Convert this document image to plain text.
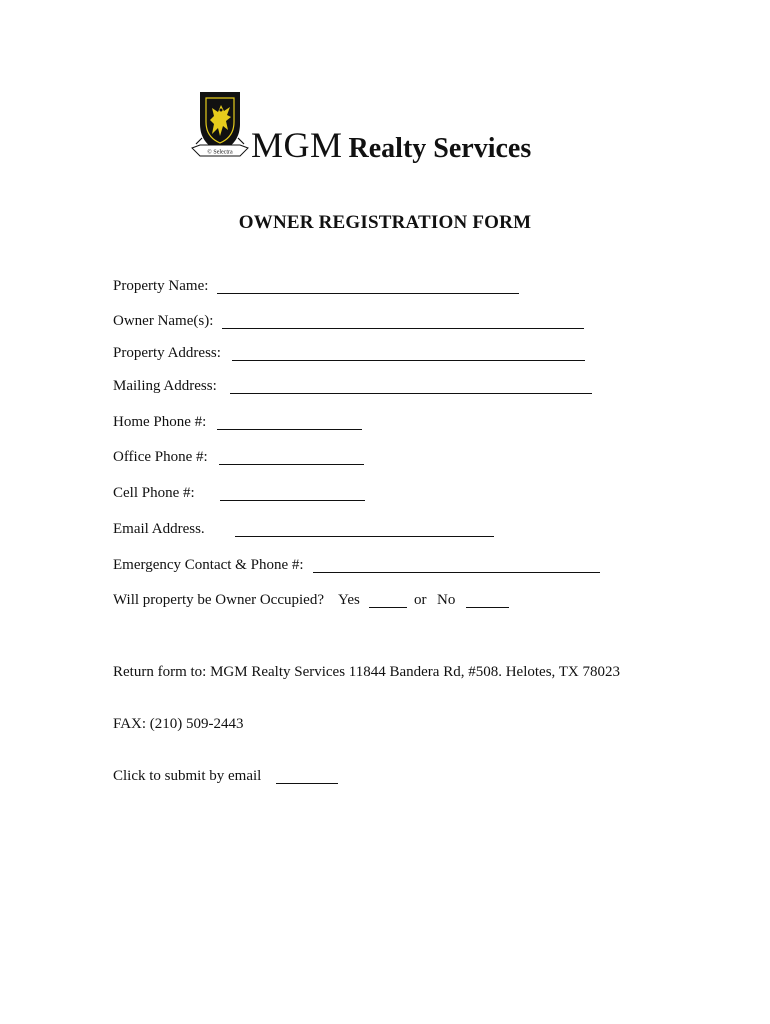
© Selectra MGM Realty Services
OWNER REGISTRATION FORM
Property Name:
Owner Name(s):
Property Address:
Mailing Address:
Home Phone #:
Office Phone #:
Cell Phone #:
Email Address.
Emergency Contact & Phone #:
Will property be Owner Occupied? Yes	or No
Return form to: MGM Realty Services 11844 Bandera Rd, #508. Helotes, TX 78023
FAX: (210) 509-2443
Click to submit by email
